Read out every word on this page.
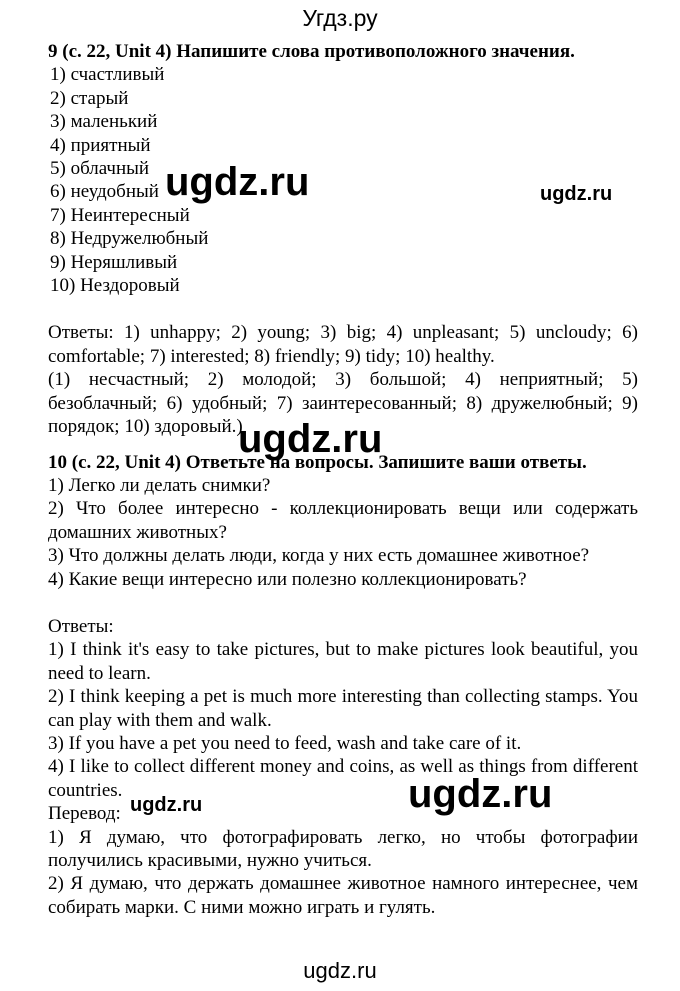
Угдз.ру
9 (с. 22, Unit 4) Напишите слова противоположного значения.
1) счастливый
2) старый
3) маленький
4) приятный
5) облачный
6) неудобный
7) Неинтересный
8) Недружелюбный
9) Неряшливый
10) Нездоровый
Ответы: 1) unhappy; 2) young; 3) big; 4) unpleasant; 5) uncloudy; 6) comfortable; 7) interested; 8) friendly; 9) tidy; 10) healthy.
(1) несчастный; 2) молодой; 3) большой; 4) неприятный; 5) безоблачный; 6) удобный; 7) заинтересованный; 8) дружелюбный; 9) порядок; 10) здоровый.)
10 (с. 22, Unit 4) Ответьте на вопросы. Запишите ваши ответы.
1) Легко ли делать снимки?
2) Что более интересно - коллекционировать вещи или содержать домашних животных?
3) Что должны делать люди, когда у них есть домашнее животное?
4) Какие вещи интересно или полезно коллекционировать?
Ответы:
1) I think it's easy to take pictures, but to make pictures look beautiful, you need to learn.
2) I think keeping a pet is much more interesting than collecting stamps. You can play with them and walk.
3) If you have a pet you need to feed, wash and take care of it.
4) I like to collect different money and coins, as well as things from different countries.
Перевод:
1) Я думаю, что фотографировать легко, но чтобы фотографии получились красивыми, нужно учиться.
2) Я думаю, что держать домашнее животное намного интереснее, чем собирать марки. С ними можно играть и гулять.
ugdz.ru	ugdz.ru
ugdz.ru
ugdz.ru	ugdz.ru
ugdz.ru
